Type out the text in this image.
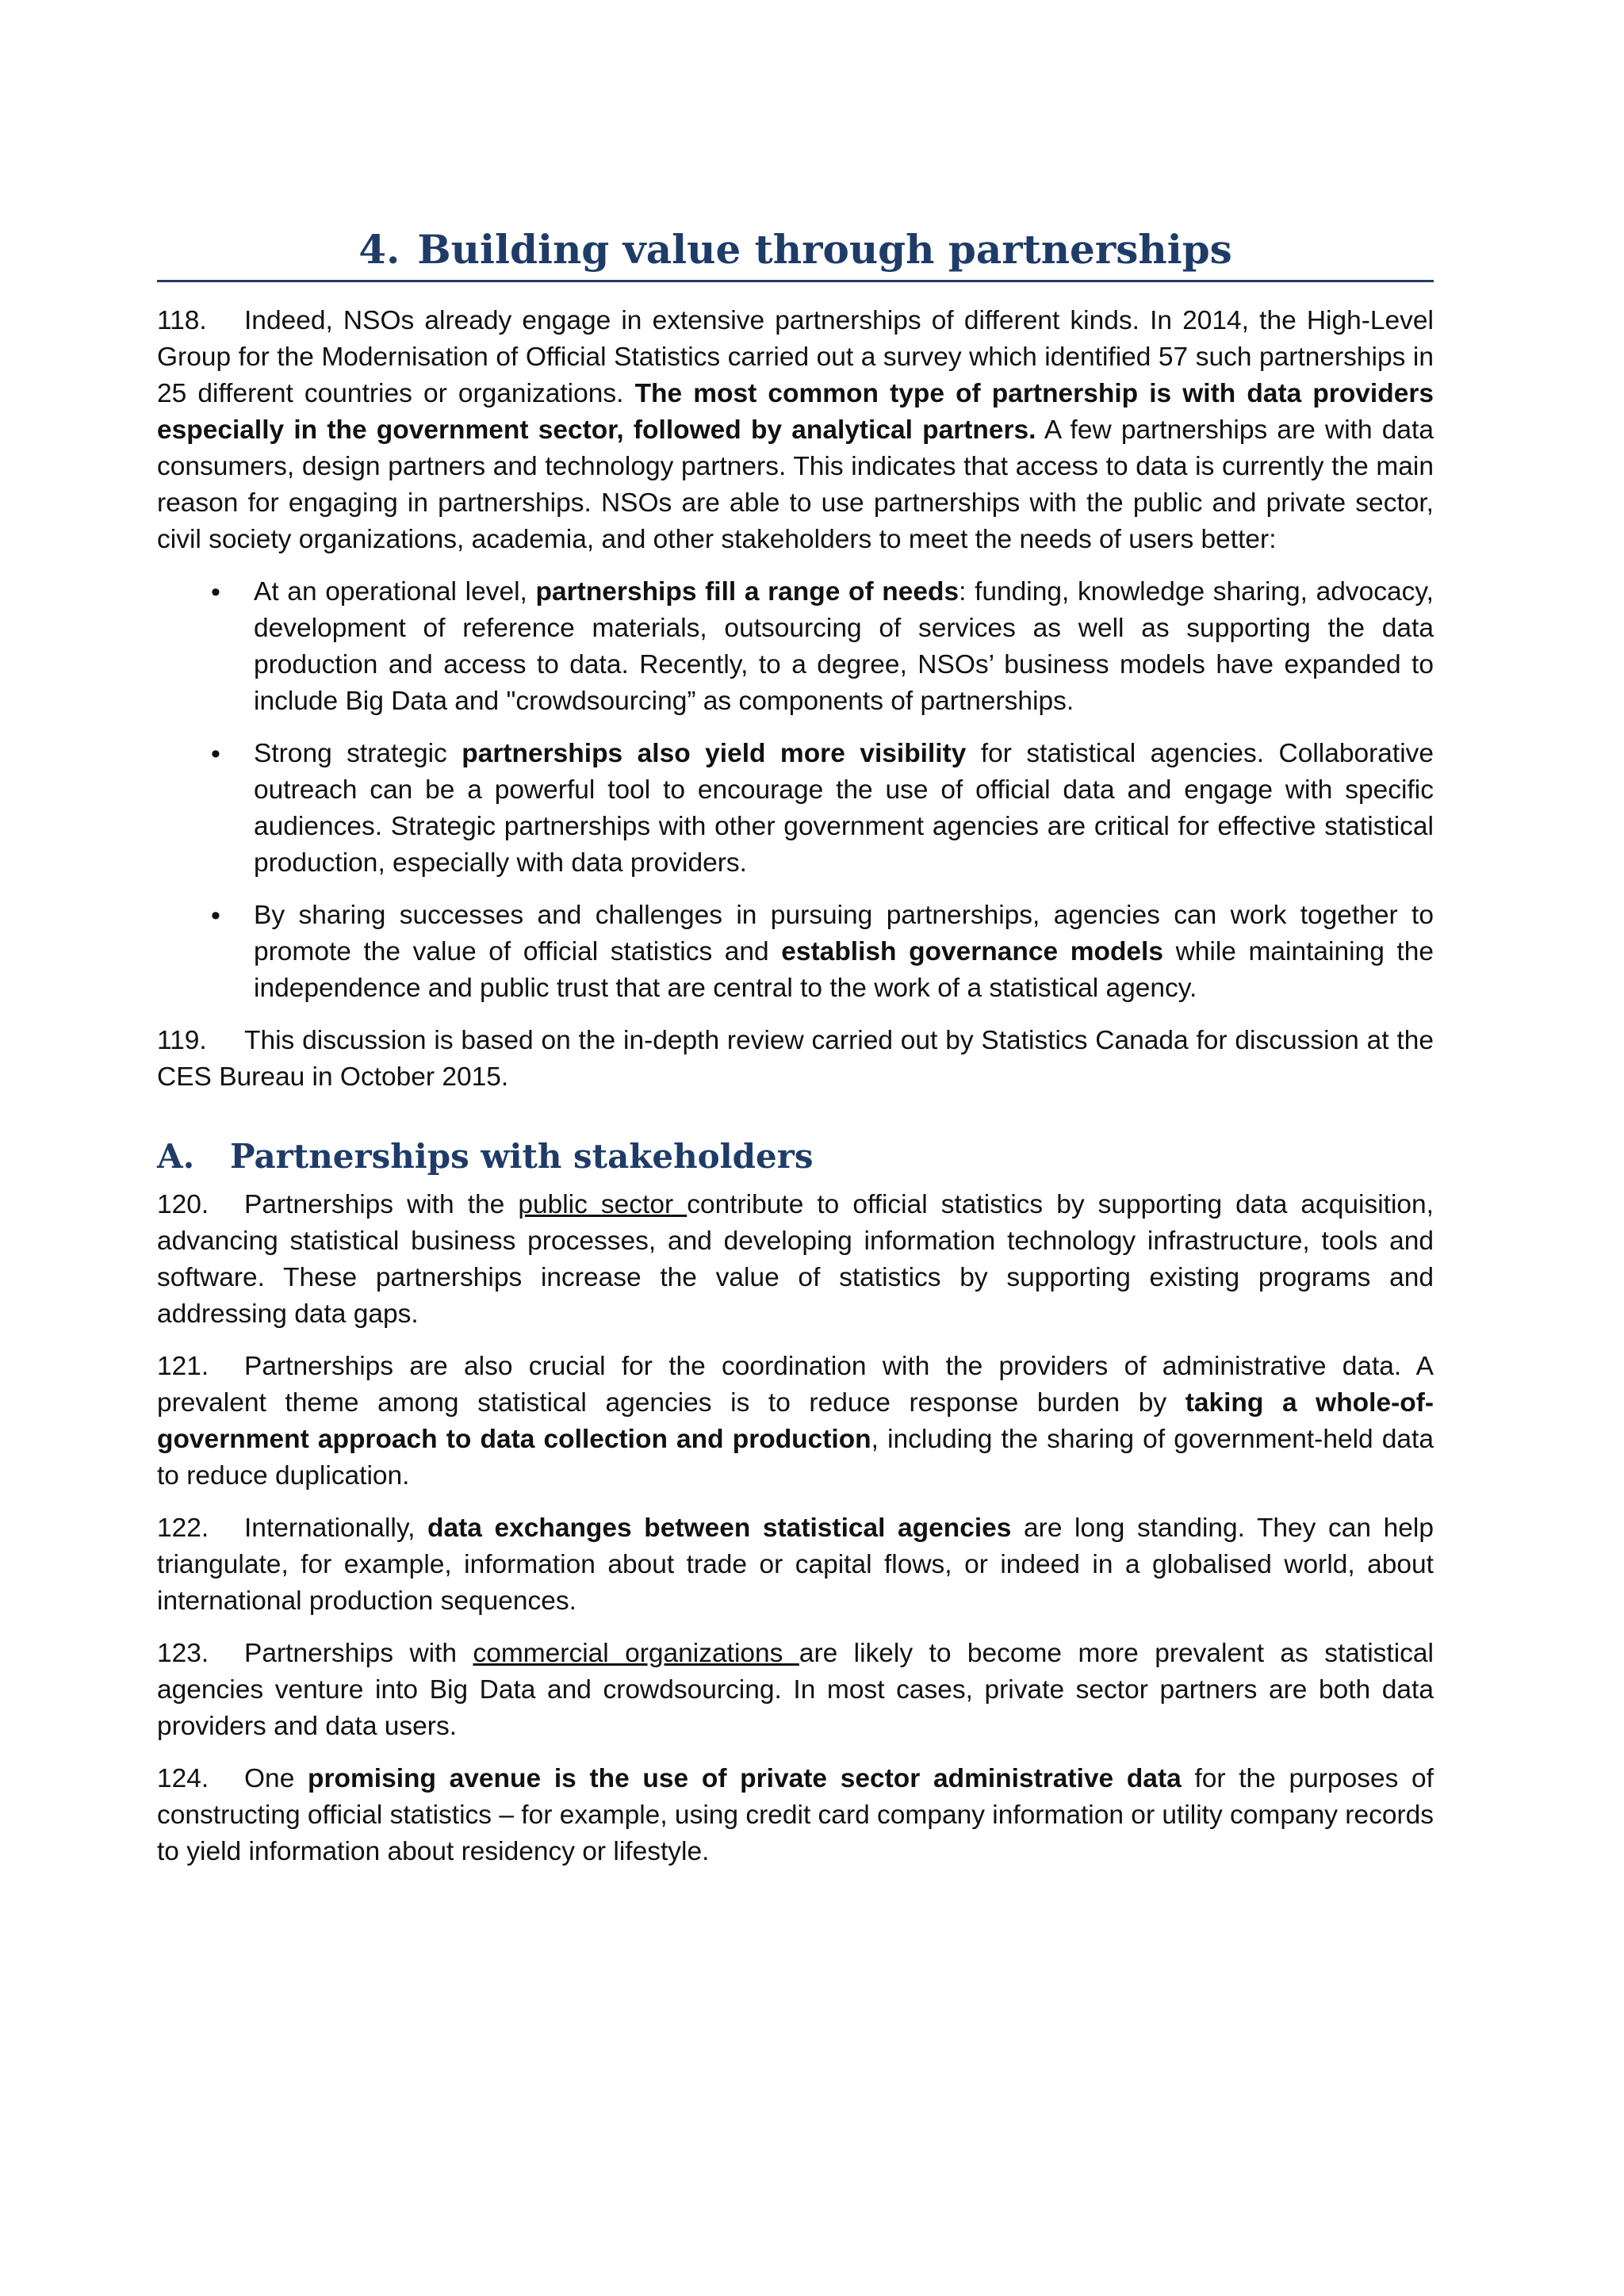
4. Building value through partnerships

118. Indeed, NSOs already engage in extensive partnerships of different kinds. In 2014, the High-Level Group for the Modernisation of Official Statistics carried out a survey which identified 57 such partnerships in 25 different countries or organizations. The most common type of partnership is with data providers especially in the government sector, followed by analytical partners. A few partnerships are with data consumers, design partners and technology partners. This indicates that access to data is currently the main reason for engaging in partnerships. NSOs are able to use partnerships with the public and private sector, civil society organizations, academia, and other stakeholders to meet the needs of users better:

• At an operational level, partnerships fill a range of needs: funding, knowledge sharing, advocacy, development of reference materials, outsourcing of services as well as supporting the data production and access to data. Recently, to a degree, NSOs’ business models have expanded to include Big Data and "crowdsourcing” as components of partnerships.
• Strong strategic partnerships also yield more visibility for statistical agencies. Collaborative outreach can be a powerful tool to encourage the use of official data and engage with specific audiences. Strategic partnerships with other government agencies are critical for effective statistical production, especially with data providers.
• By sharing successes and challenges in pursuing partnerships, agencies can work together to promote the value of official statistics and establish governance models while maintaining the independence and public trust that are central to the work of a statistical agency.

119. This discussion is based on the in-depth review carried out by Statistics Canada for discussion at the CES Bureau in October 2015.

A. Partnerships with stakeholders

120. Partnerships with the public sector contribute to official statistics by supporting data acquisition, advancing statistical business processes, and developing information technology infrastructure, tools and software. These partnerships increase the value of statistics by supporting existing programs and addressing data gaps.

121. Partnerships are also crucial for the coordination with the providers of administrative data. A prevalent theme among statistical agencies is to reduce response burden by taking a whole-of-government approach to data collection and production, including the sharing of government-held data to reduce duplication.

122. Internationally, data exchanges between statistical agencies are long standing. They can help triangulate, for example, information about trade or capital flows, or indeed in a globalised world, about international production sequences.

123. Partnerships with commercial organizations are likely to become more prevalent as statistical agencies venture into Big Data and crowdsourcing. In most cases, private sector partners are both data providers and data users.

124. One promising avenue is the use of private sector administrative data for the purposes of constructing official statistics – for example, using credit card company information or utility company records to yield information about residency or lifestyle.
